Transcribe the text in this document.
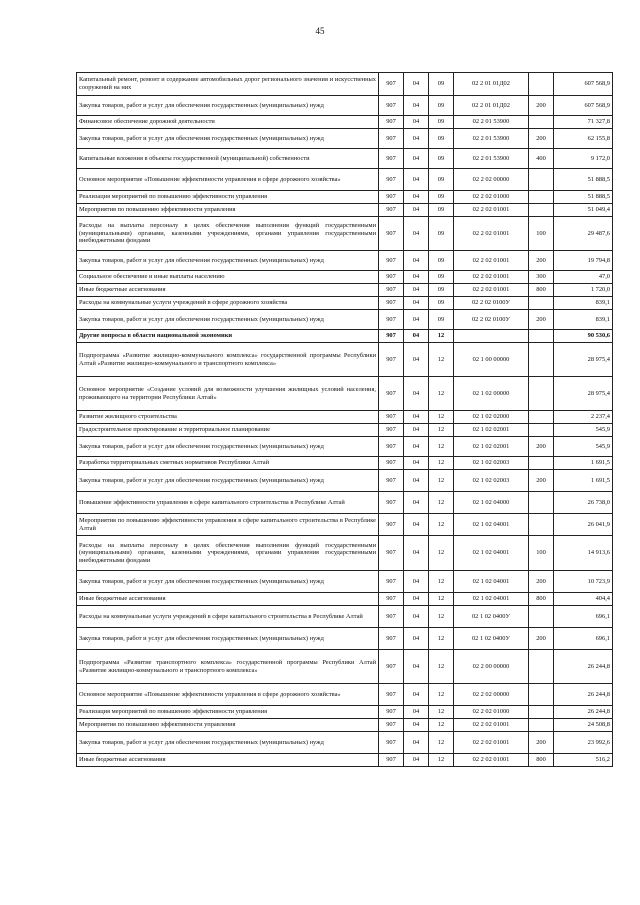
45
Капитальный ремонт, ремонт и содержание автомобильных дорог регионального значения и искусственных сооружений на них	907	04	09	02 2 01 01Д02		607 568,9
Закупка товаров, работ и услуг для обеспечения государственных (муниципальных) нужд	907	04	09	02 2 01 01Д02	200	607 568,9
Финансовое обеспечение дорожной деятельности	907	04	09	02 2 01 53900		71 327,8
Закупка товаров, работ и услуг для обеспечения государственных (муниципальных) нужд	907	04	09	02 2 01 53900	200	62 155,8
Капитальные вложения в объекты государственной (муниципальной) собственности	907	04	09	02 2 01 53900	400	9 172,0
Основное мероприятие «Повышение эффективности управления в сфере дорожного хозяйства»	907	04	09	02 2 02 00000		51 888,5
Реализация мероприятий по повышению эффективности управления	907	04	09	02 2 02 01000		51 888,5
Мероприятия по повышению эффективности управления	907	04	09	02 2 02 01001		51 049,4
Расходы на выплаты персоналу в целях обеспечения выполнения функций государственными (муниципальными) органами, казенными учреждениями, органами управления государственными внебюджетными фондами	907	04	09	02 2 02 01001	100	29 487,6
Закупка товаров, работ и услуг для обеспечения государственных (муниципальных) нужд	907	04	09	02 2 02 01001	200	19 794,8
Социальное обеспечение и иные выплаты населению	907	04	09	02 2 02 01001	300	47,0
Иные бюджетные ассигнования	907	04	09	02 2 02 01001	800	1 720,0
Расходы на коммунальные услуги учреждений в сфере дорожного хозяйства	907	04	09	02 2 02 0100У		839,1
Закупка товаров, работ и услуг для обеспечения государственных (муниципальных) нужд	907	04	09	02 2 02 0100У	200	839,1
Другие вопросы в области национальной экономики	907	04	12			90 530,6
Подпрограмма «Развитие жилищно-коммунального комплекса» государственной программы Республики Алтай «Развитие жилищно-коммунального и транспортного комплекса»	907	04	12	02 1 00 00000		28 975,4
Основное мероприятие «Создание условий для возможности улучшения жилищных условий населения, проживающего на территории Республики Алтай»	907	04	12	02 1 02 00000		28 975,4
Развитие жилищного строительства	907	04	12	02 1 02 02000		2 237,4
Градостроительное проектирование и территориальное планирование	907	04	12	02 1 02 02001		545,9
Закупка товаров, работ и услуг для обеспечения государственных (муниципальных) нужд	907	04	12	02 1 02 02001	200	545,9
Разработка территориальных сметных нормативов Республики Алтай	907	04	12	02 1 02 02003		1 691,5
Закупка товаров, работ и услуг для обеспечения государственных (муниципальных) нужд	907	04	12	02 1 02 02003	200	1 691,5
Повышение эффективности управления в сфере капитального строительства в Республике Алтай	907	04	12	02 1 02 04000		26 738,0
Мероприятия по повышению эффективности управления в сфере капитального строительства в Республике Алтай	907	04	12	02 1 02 04001		26 041,9
Расходы на выплаты персоналу в целях обеспечения выполнения функций государственными (муниципальными) органами, казенными учреждениями, органами управления государственными внебюджетными фондами	907	04	12	02 1 02 04001	100	14 913,6
Закупка товаров, работ и услуг для обеспечения государственных (муниципальных) нужд	907	04	12	02 1 02 04001	200	10 723,9
Иные бюджетные ассигнования	907	04	12	02 1 02 04001	800	404,4
Расходы на коммунальные услуги учреждений в сфере капитального строительства в Республике Алтай	907	04	12	02 1 02 0400У		696,1
Закупка товаров, работ и услуг для обеспечения государственных (муниципальных) нужд	907	04	12	02 1 02 0400У	200	696,1
Подпрограмма «Развитие транспортного комплекса» государственной программы Республики Алтай «Развитие жилищно-коммунального и транспортного комплекса»	907	04	12	02 2 00 00000		26 244,8
Основное мероприятие «Повышение эффективности управления в сфере дорожного хозяйства»	907	04	12	02 2 02 00000		26 244,8
Реализация мероприятий по повышению эффективности управления	907	04	12	02 2 02 01000		26 244,8
Мероприятия по повышению эффективности управления	907	04	12	02 2 02 01001		24 508,8
Закупка товаров, работ и услуг для обеспечения государственных (муниципальных) нужд	907	04	12	02 2 02 01001	200	23 992,6
Иные бюджетные ассигнования	907	04	12	02 2 02 01001	800	516,2
